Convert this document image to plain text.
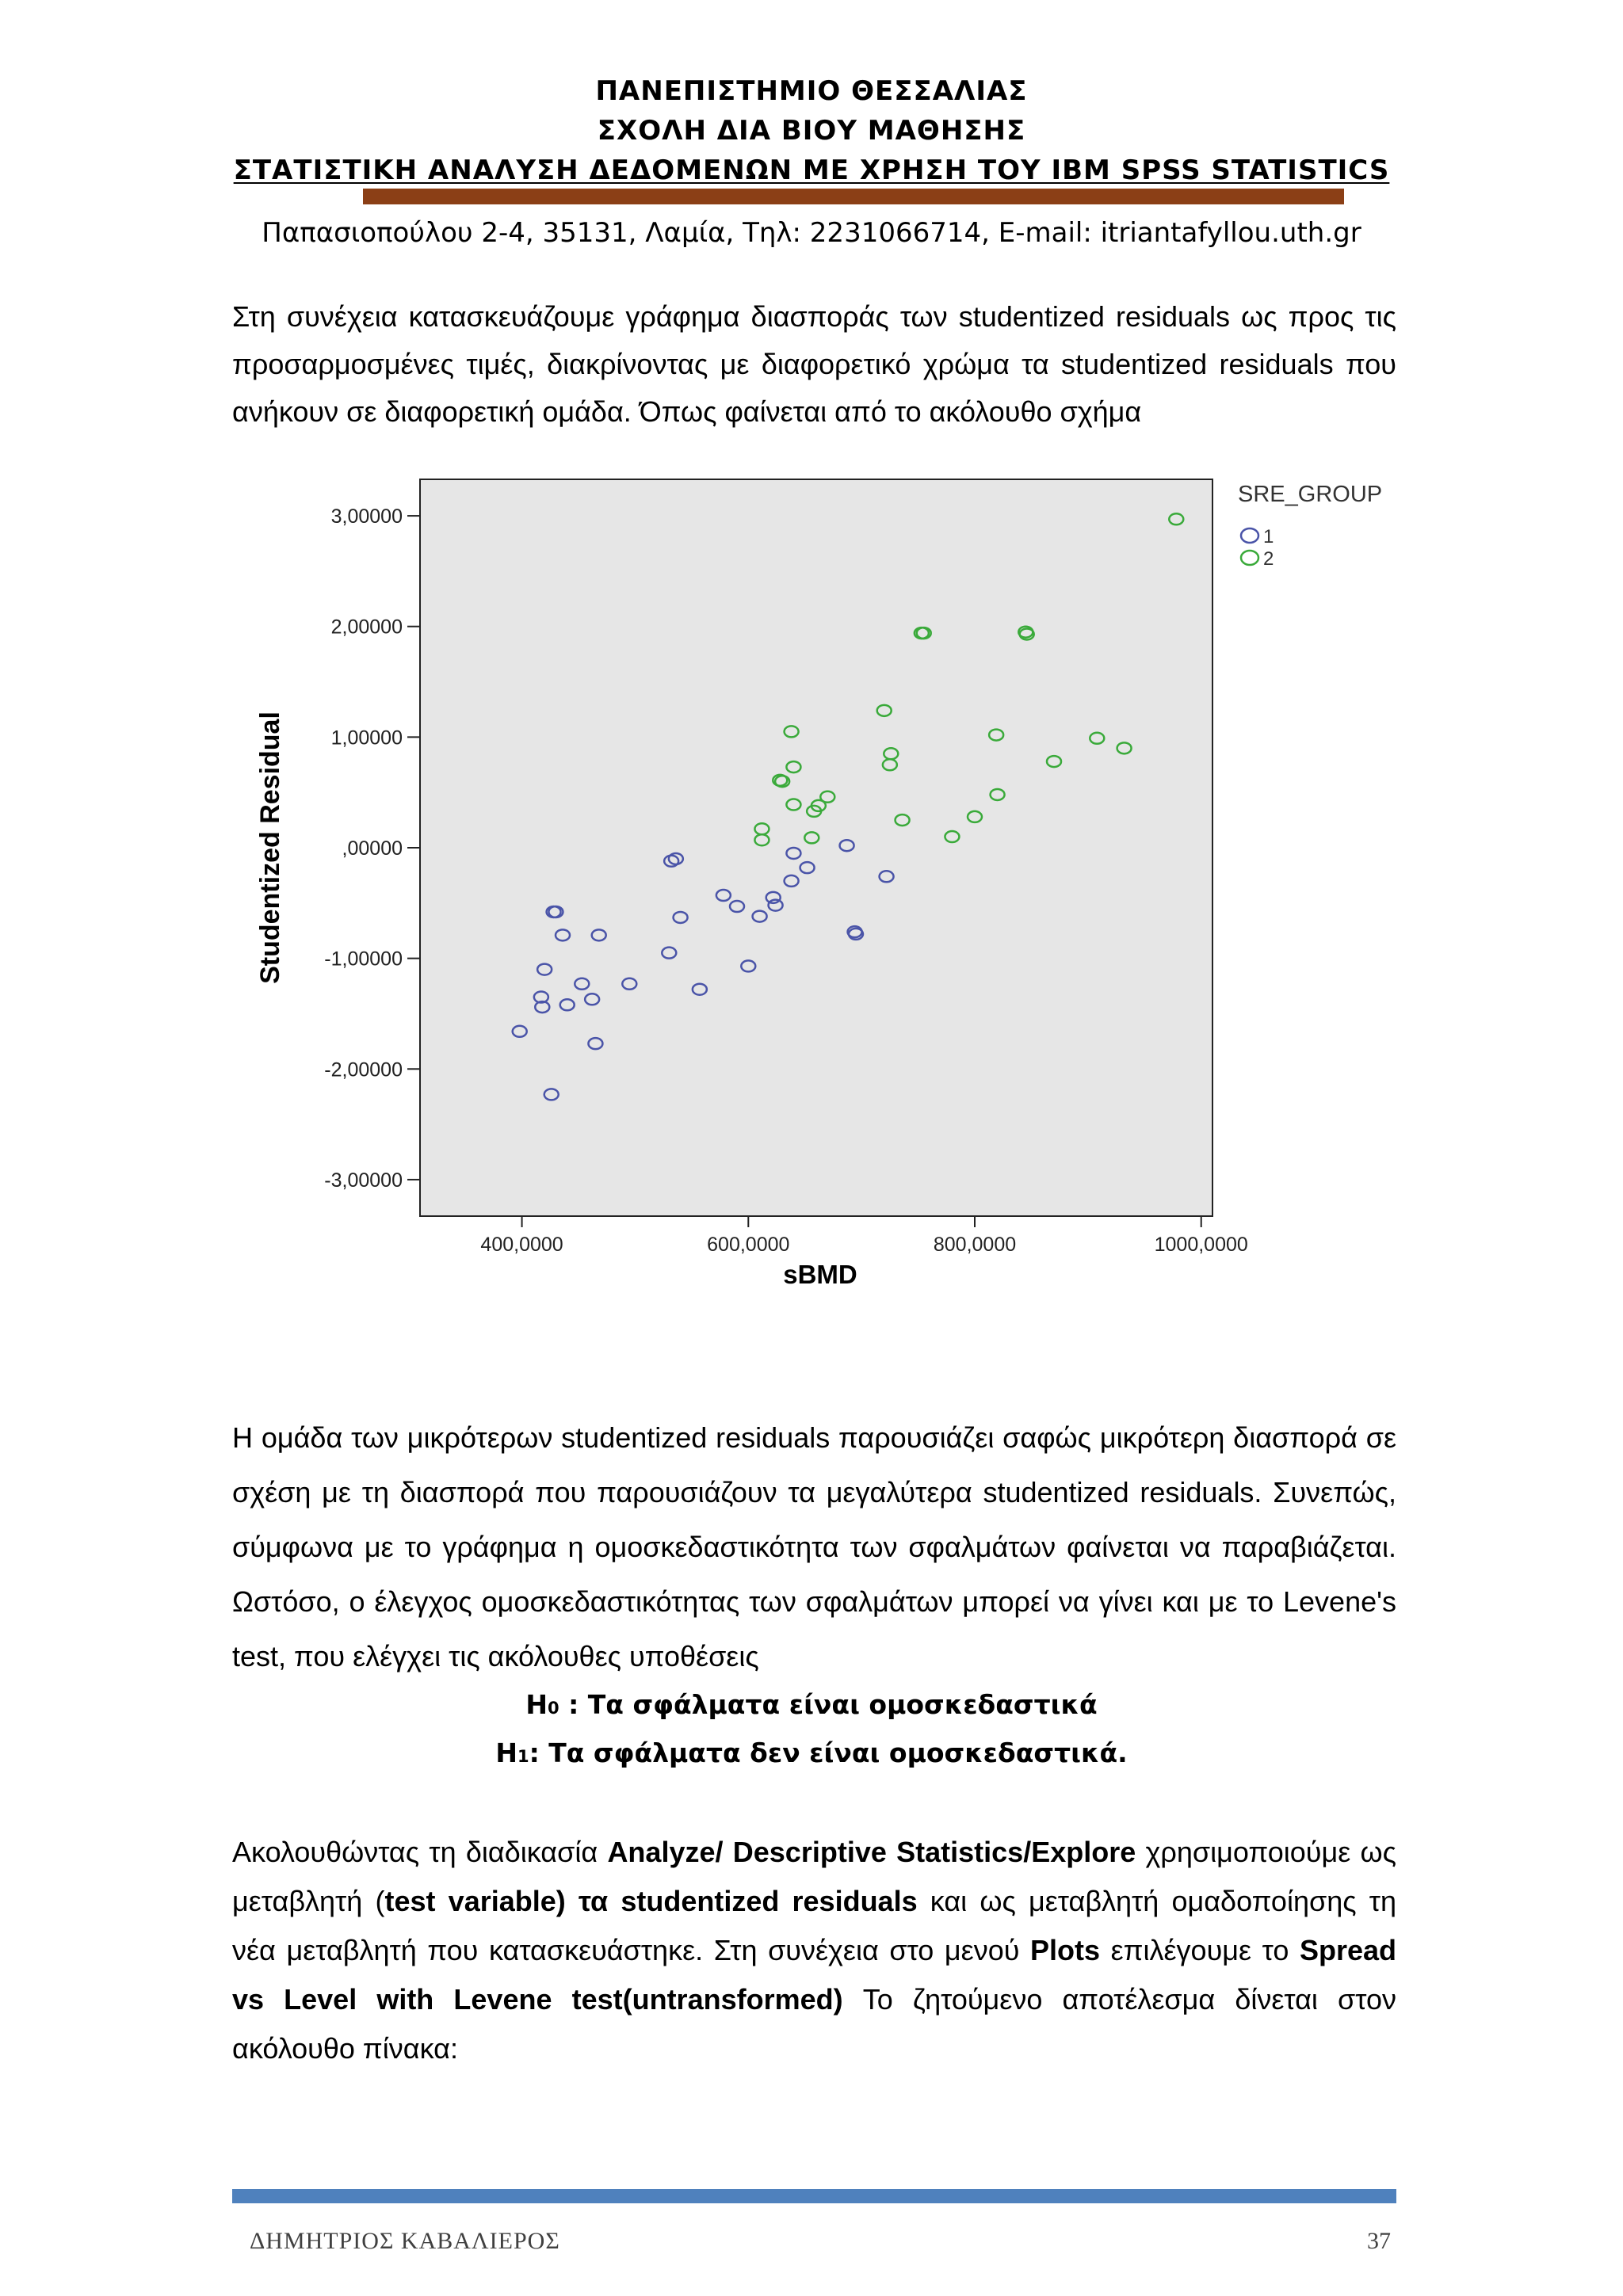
ΠΑΝΕΠΙΣΤΗΜΙΟ ΘΕΣΣΑΛΙΑΣ
ΣΧΟΛΗ ΔΙΑ ΒΙΟΥ ΜΑΘΗΣΗΣ
ΣΤΑΤΙΣΤΙΚΗ ΑΝΑΛΥΣΗ ΔΕΔΟΜΕΝΩΝ ΜΕ ΧΡΗΣΗ ΤΟΥ IBM SPSS STATISTICS
Παπασιοπούλου 2-4, 35131, Λαμία, Τηλ: 2231066714, E-mail: itriantafyllou.uth.gr
Στη συνέχεια κατασκευάζουμε γράφημα διασποράς των studentized residuals ως προς τις προσαρμοσμένες τιμές, διακρίνοντας με διαφορετικό χρώμα τα studentized residuals που ανήκουν σε διαφορετική ομάδα. Όπως φαίνεται από το ακόλουθο σχήμα
3,00000
2,00000
1,00000
,00000
-1,00000
-2,00000
-3,00000
400,0000	600,0000	800,0000	1000,0000
sBMD
Studentized Residual
SRE_GROUP
1
2
Η ομάδα των μικρότερων studentized residuals παρουσιάζει σαφώς μικρότερη διασπορά σε σχέση με τη διασπορά που παρουσιάζουν τα μεγαλύτερα studentized residuals. Συνεπώς, σύμφωνα με το γράφημα η ομοσκεδαστικότητα των σφαλμάτων φαίνεται να παραβιάζεται. Ωστόσο, ο έλεγχος ομοσκεδαστικότητας των σφαλμάτων μπορεί να γίνει και με το Levene's test, που ελέγχει τις ακόλουθες υποθέσεις
H0 : Τα σφάλματα είναι ομοσκεδαστικά
H1: Τα σφάλματα δεν είναι ομοσκεδαστικά.
Ακολουθώντας τη διαδικασία Analyze/ Descriptive Statistics/Explore χρησιμοποιούμε ως μεταβλητή (test variable) τα studentized residuals και ως μεταβλητή ομαδοποίησης τη νέα μεταβλητή που κατασκευάστηκε. Στη συνέχεια στο μενού Plots επιλέγουμε το Spread vs Level with Levene test(untransformed) Το ζητούμενο αποτέλεσμα δίνεται στον ακόλουθο πίνακα:
ΔΗΜΗΤΡΙΟΣ ΚΑΒΑΛΙΕΡΟΣ	37
